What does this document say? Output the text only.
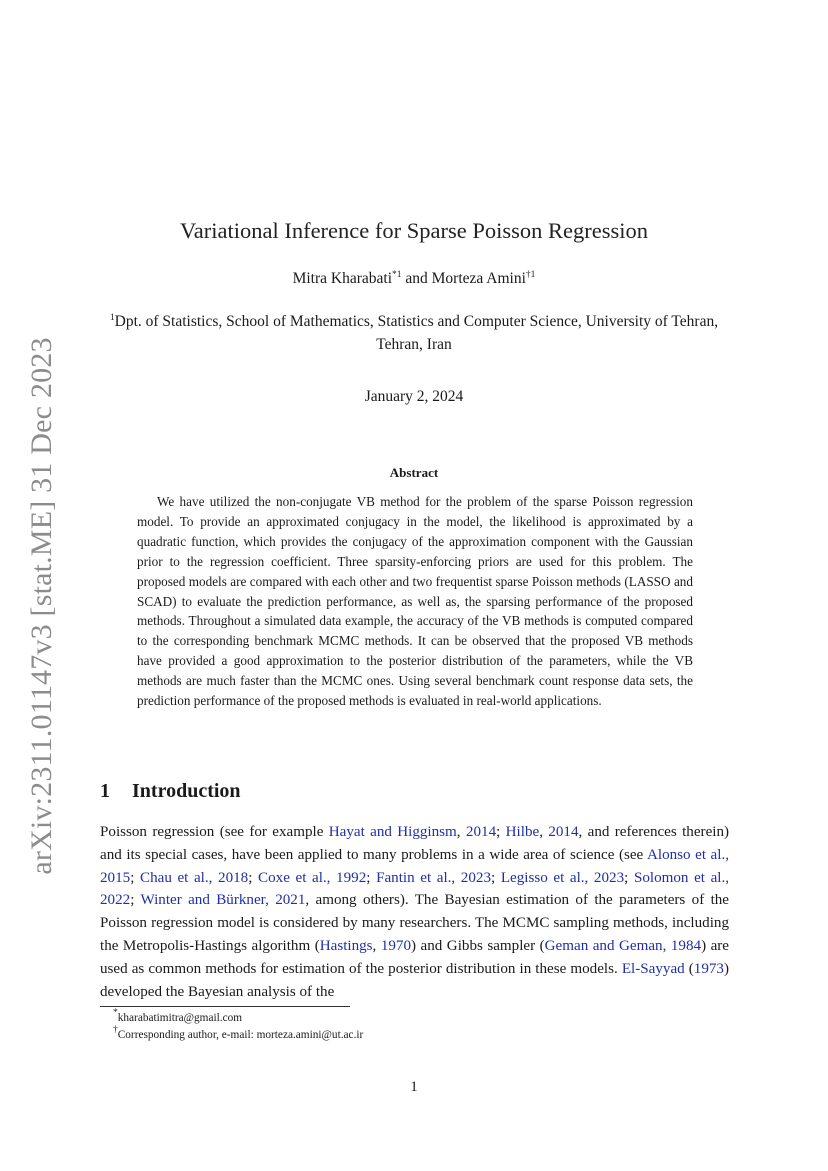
arXiv:2311.01147v3 [stat.ME] 31 Dec 2023
Variational Inference for Sparse Poisson Regression
Mitra Kharabati$^{*1}$ and Morteza Amini$^{\dagger 1}$
$^1$Dpt. of Statistics, School of Mathematics, Statistics and Computer Science, University of Tehran, Tehran, Iran
January 2, 2024
Abstract
We have utilized the non-conjugate VB method for the problem of the sparse Poisson regression model. To provide an approximated conjugacy in the model, the likelihood is approximated by a quadratic function, which provides the conjugacy of the approximation component with the Gaussian prior to the regression coefficient. Three sparsity-enforcing priors are used for this problem. The proposed models are compared with each other and two frequentist sparse Poisson methods (LASSO and SCAD) to evaluate the prediction performance, as well as, the sparsing performance of the proposed methods. Throughout a simulated data example, the accuracy of the VB methods is computed compared to the corresponding benchmark MCMC methods. It can be observed that the proposed VB methods have provided a good approximation to the posterior distribution of the parameters, while the VB methods are much faster than the MCMC ones. Using several benchmark count response data sets, the prediction performance of the proposed methods is evaluated in real-world applications.
1 Introduction
Poisson regression (see for example Hayat and Higginsm, 2014; Hilbe, 2014, and references therein) and its special cases, have been applied to many problems in a wide area of science (see Alonso et al., 2015; Chau et al., 2018; Coxe et al., 1992; Fantin et al., 2023; Legisso et al., 2023; Solomon et al., 2022; Winter and Bürkner, 2021, among others). The Bayesian estimation of the parameters of the Poisson regression model is considered by many researchers. The MCMC sampling methods, including the Metropolis-Hastings algorithm (Hastings, 1970) and Gibbs sampler (Geman and Geman, 1984) are used as common methods for estimation of the posterior distribution in these models. El-Sayyad (1973) developed the Bayesian analysis of the
*kharabatimitra@gmail.com
†Corresponding author, e-mail: morteza.amini@ut.ac.ir
1
